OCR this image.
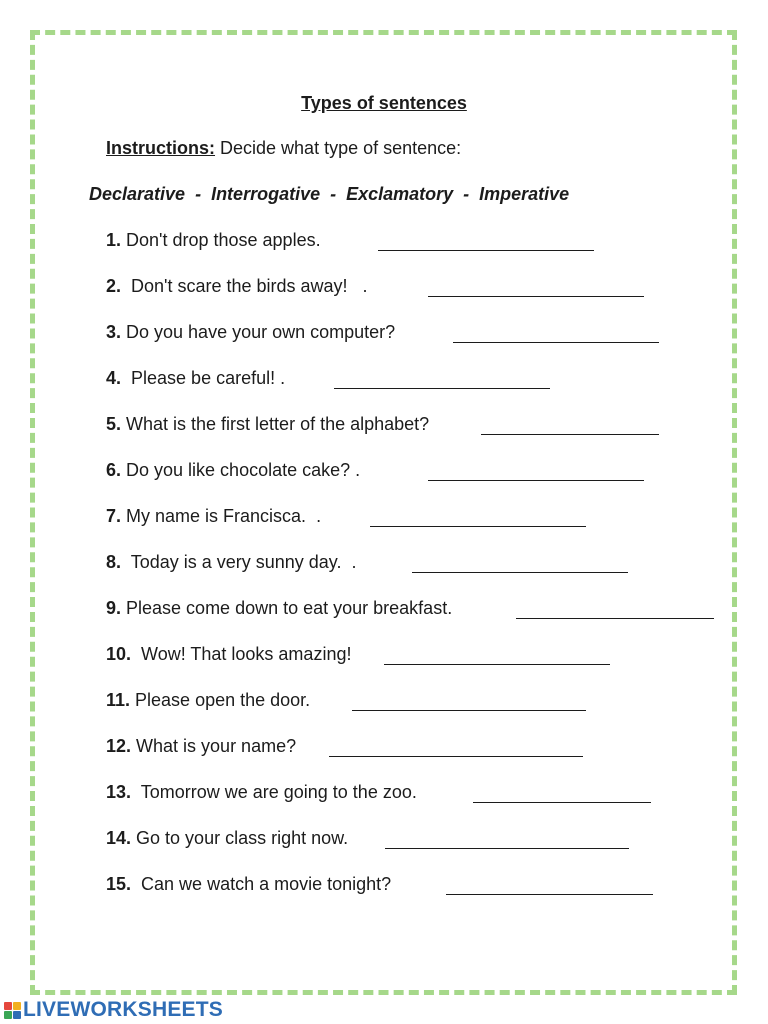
Types of sentences
Instructions: Decide what type of sentence:
Declarative  -  Interrogative  -  Exclamatory  -  Imperative
1. Don't drop those apples.
2.  Don't scare the birds away!   .
3. Do you have your own computer?
4.  Please be careful! .
5. What is the first letter of the alphabet?
6. Do you like chocolate cake? .
7. My name is Francisca.  .
8.  Today is a very sunny day.  .
9. Please come down to eat your breakfast.
10.  Wow! That looks amazing!
11. Please open the door.
12. What is your name?
13.  Tomorrow we are going to the zoo.
14. Go to your class right now.
15.  Can we watch a movie tonight?
LIVEWORKSHEETS
